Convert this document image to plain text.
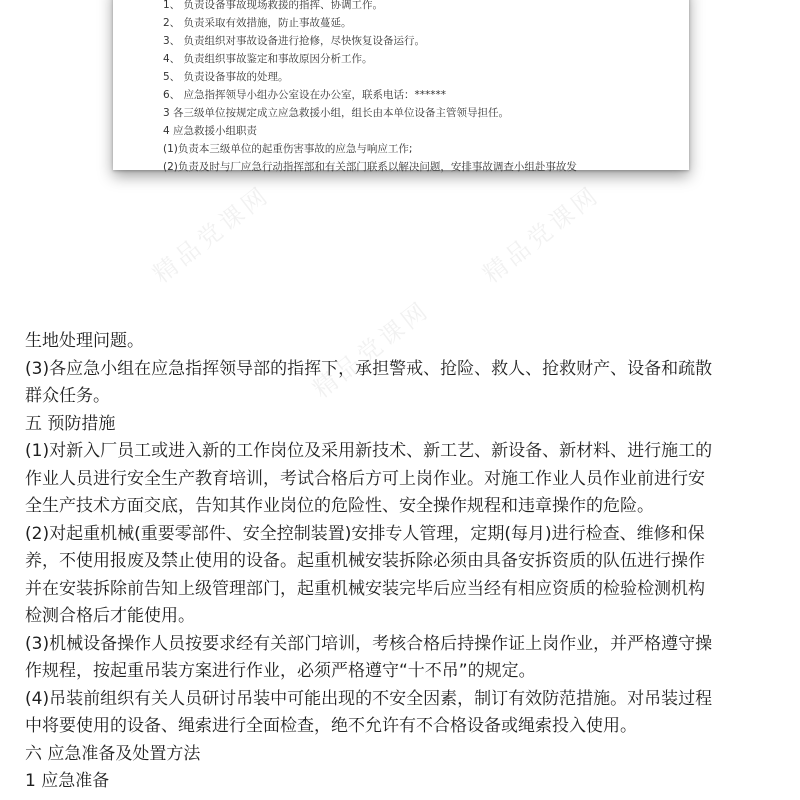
1、 负责设备事故现场救援的指挥、协调工作。
2、 负责采取有效措施，防止事故蔓延。
3、 负责组织对事故设备进行抢修，尽快恢复设备运行。
4、 负责组织事故鉴定和事故原因分析工作。
5、 负责设备事故的处理。
6、 应急指挥领导小组办公室设在办公室，联系电话：******
3 各三级单位按规定成立应急救援小组，组长由本单位设备主管领导担任。
4 应急救援小组职责
(1)负责本三级单位的起重伤害事故的应急与响应工作;
(2)负责及时与厂应急行动指挥部和有关部门联系以解决问题，安排事故调查小组赴事故发
精品党课网	精品党课网
精品党课网
生地处理问题。
(3)各应急小组在应急指挥领导部的指挥下，承担警戒、抢险、救人、抢救财产、设备和疏散
群众任务。
五 预防措施
(1)对新入厂员工或进入新的工作岗位及采用新技术、新工艺、新设备、新材料、进行施工的
作业人员进行安全生产教育培训，考试合格后方可上岗作业。对施工作业人员作业前进行安
全生产技术方面交底，告知其作业岗位的危险性、安全操作规程和违章操作的危险。
(2)对起重机械(重要零部件、安全控制装置)安排专人管理，定期(每月)进行检查、维修和保
养，不使用报废及禁止使用的设备。起重机械安装拆除必须由具备安拆资质的队伍进行操作
并在安装拆除前告知上级管理部门，起重机械安装完毕后应当经有相应资质的检验检测机构
检测合格后才能使用。
(3)机械设备操作人员按要求经有关部门培训，考核合格后持操作证上岗作业，并严格遵守操
作规程，按起重吊装方案进行作业，必须严格遵守“十不吊”的规定。
(4)吊装前组织有关人员研讨吊装中可能出现的不安全因素，制订有效防范措施。对吊装过程
中将要使用的设备、绳索进行全面检查，绝不允许有不合格设备或绳索投入使用。
六 应急准备及处置方法
1 应急准备
